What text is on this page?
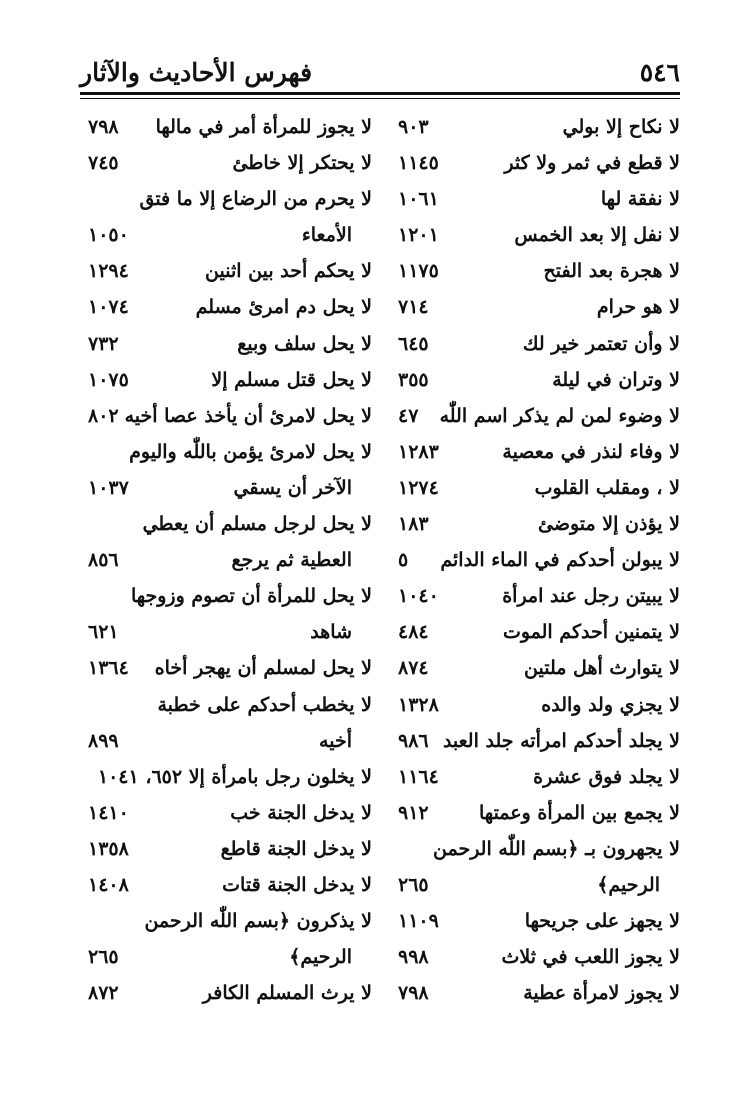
٥٤٦
فهرس الأحاديث والآثار
لا نكاح إلا بولي
٩٠٣
لا قطع في ثمر ولا كثر
١١٤٥
لا نفقة لها
١٠٦١
لا نفل إلا بعد الخمس
١٢٠١
لا هجرة بعد الفتح
١١٧٥
لا هو حرام
٧١٤
لا وأن تعتمر خير لك
٦٤٥
لا وتران في ليلة
٣٥٥
لا وضوء لمن لم يذكر اسم اللّٰه
٤٧
لا وفاء لنذر في معصية
١٢٨٣
لا ، ومقلب القلوب
١٢٧٤
لا يؤذن إلا متوضئ
١٨٣
لا يبولن أحدكم في الماء الدائم
٥
لا يبيتن رجل عند امرأة
١٠٤٠
لا يتمنين أحدكم الموت
٤٨٤
لا يتوارث أهل ملتين
٨٧٤
لا يجزي ولد والده
١٣٢٨
لا يجلد أحدكم امرأته جلد العبد
٩٨٦
لا يجلد فوق عشرة
١١٦٤
لا يجمع بين المرأة وعمتها
٩١٢
لا يجهرون بـ ﴿بسم اللّٰه الرحمن
الرحيم﴾
٢٦٥
لا يجهز على جريحها
١١٠٩
لا يجوز اللعب في ثلاث
٩٩٨
لا يجوز لامرأة عطية
٧٩٨
لا يجوز للمرأة أمر في مالها
٧٩٨
لا يحتكر إلا خاطئ
٧٤٥
لا يحرم من الرضاع إلا ما فتق
الأمعاء
١٠٥٠
لا يحكم أحد بين اثنين
١٢٩٤
لا يحل دم امرئ مسلم
١٠٧٤
لا يحل سلف وبيع
٧٣٢
لا يحل قتل مسلم إلا
١٠٧٥
لا يحل لامرئ أن يأخذ عصا أخيه
٨٠٢
لا يحل لامرئ يؤمن باللّٰه واليوم
الآخر أن يسقي
١٠٣٧
لا يحل لرجل مسلم أن يعطي
العطية ثم يرجع
٨٥٦
لا يحل للمرأة أن تصوم وزوجها
شاهد
٦٢١
لا يحل لمسلم أن يهجر أخاه
١٣٦٤
لا يخطب أحدكم على خطبة
أخيه
٨٩٩
لا يخلون رجل بامرأة إلا ٦٥٢، ١٠٤١
لا يدخل الجنة خب
١٤١٠
لا يدخل الجنة قاطع
١٣٥٨
لا يدخل الجنة قتات
١٤٠٨
لا يذكرون ﴿بسم اللّٰه الرحمن
الرحيم﴾
٢٦٥
لا يرث المسلم الكافر
٨٧٢
